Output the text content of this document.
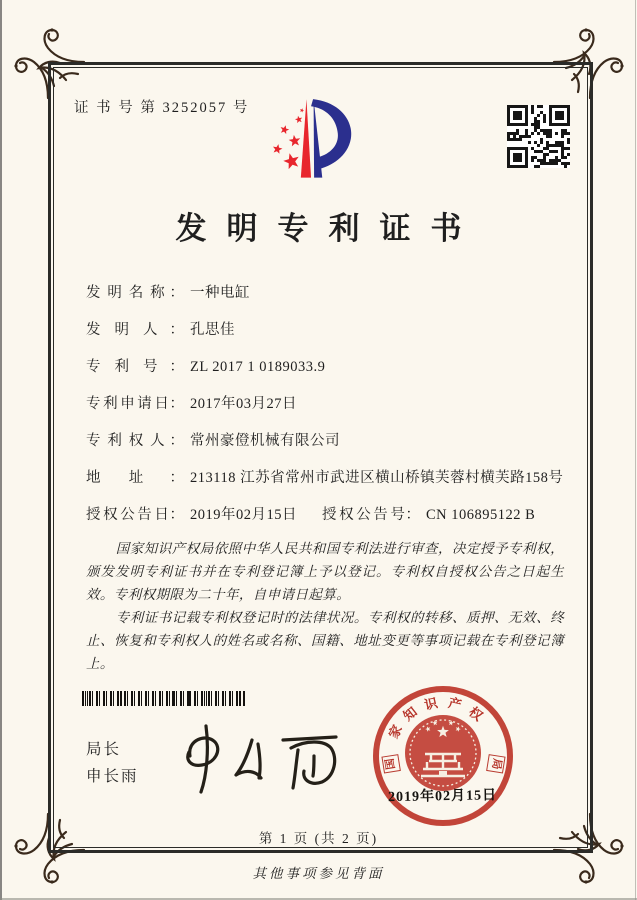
证 书 号 第 3252057 号
发明专利证书
发明名称 ：	一种电缸
发明人 ：	孔思佳
专利号 ：	ZL 2017 1 0189033.9
专利申请日 ：	2017年03月27日
专利权人 ：	常州豪僜机械有限公司
地址 ：	213118 江苏省常州市武进区横山桥镇芙蓉村横芙路158号
授权公告日 ：	2019年02月15日 授权公告号 ：	CN 106895122 B

国家知识产权局依照中华人民共和国专利法进行审查，决定授予专利权，颁发发明专利证书并在专利登记簿上予以登记。专利权自授权公告之日起生效。专利权期限为二十年，自申请日起算。

专利证书记载专利权登记时的法律状况。专利权的转移、质押、无效、终止、恢复和专利权人的姓名或名称、国籍、地址变更等事项记载在专利登记簿上。

局长
申长雨
国
家
知
识 产
权
局
2019年02月15日
第 1 页 (共 2 页)
其他事项参见背面
